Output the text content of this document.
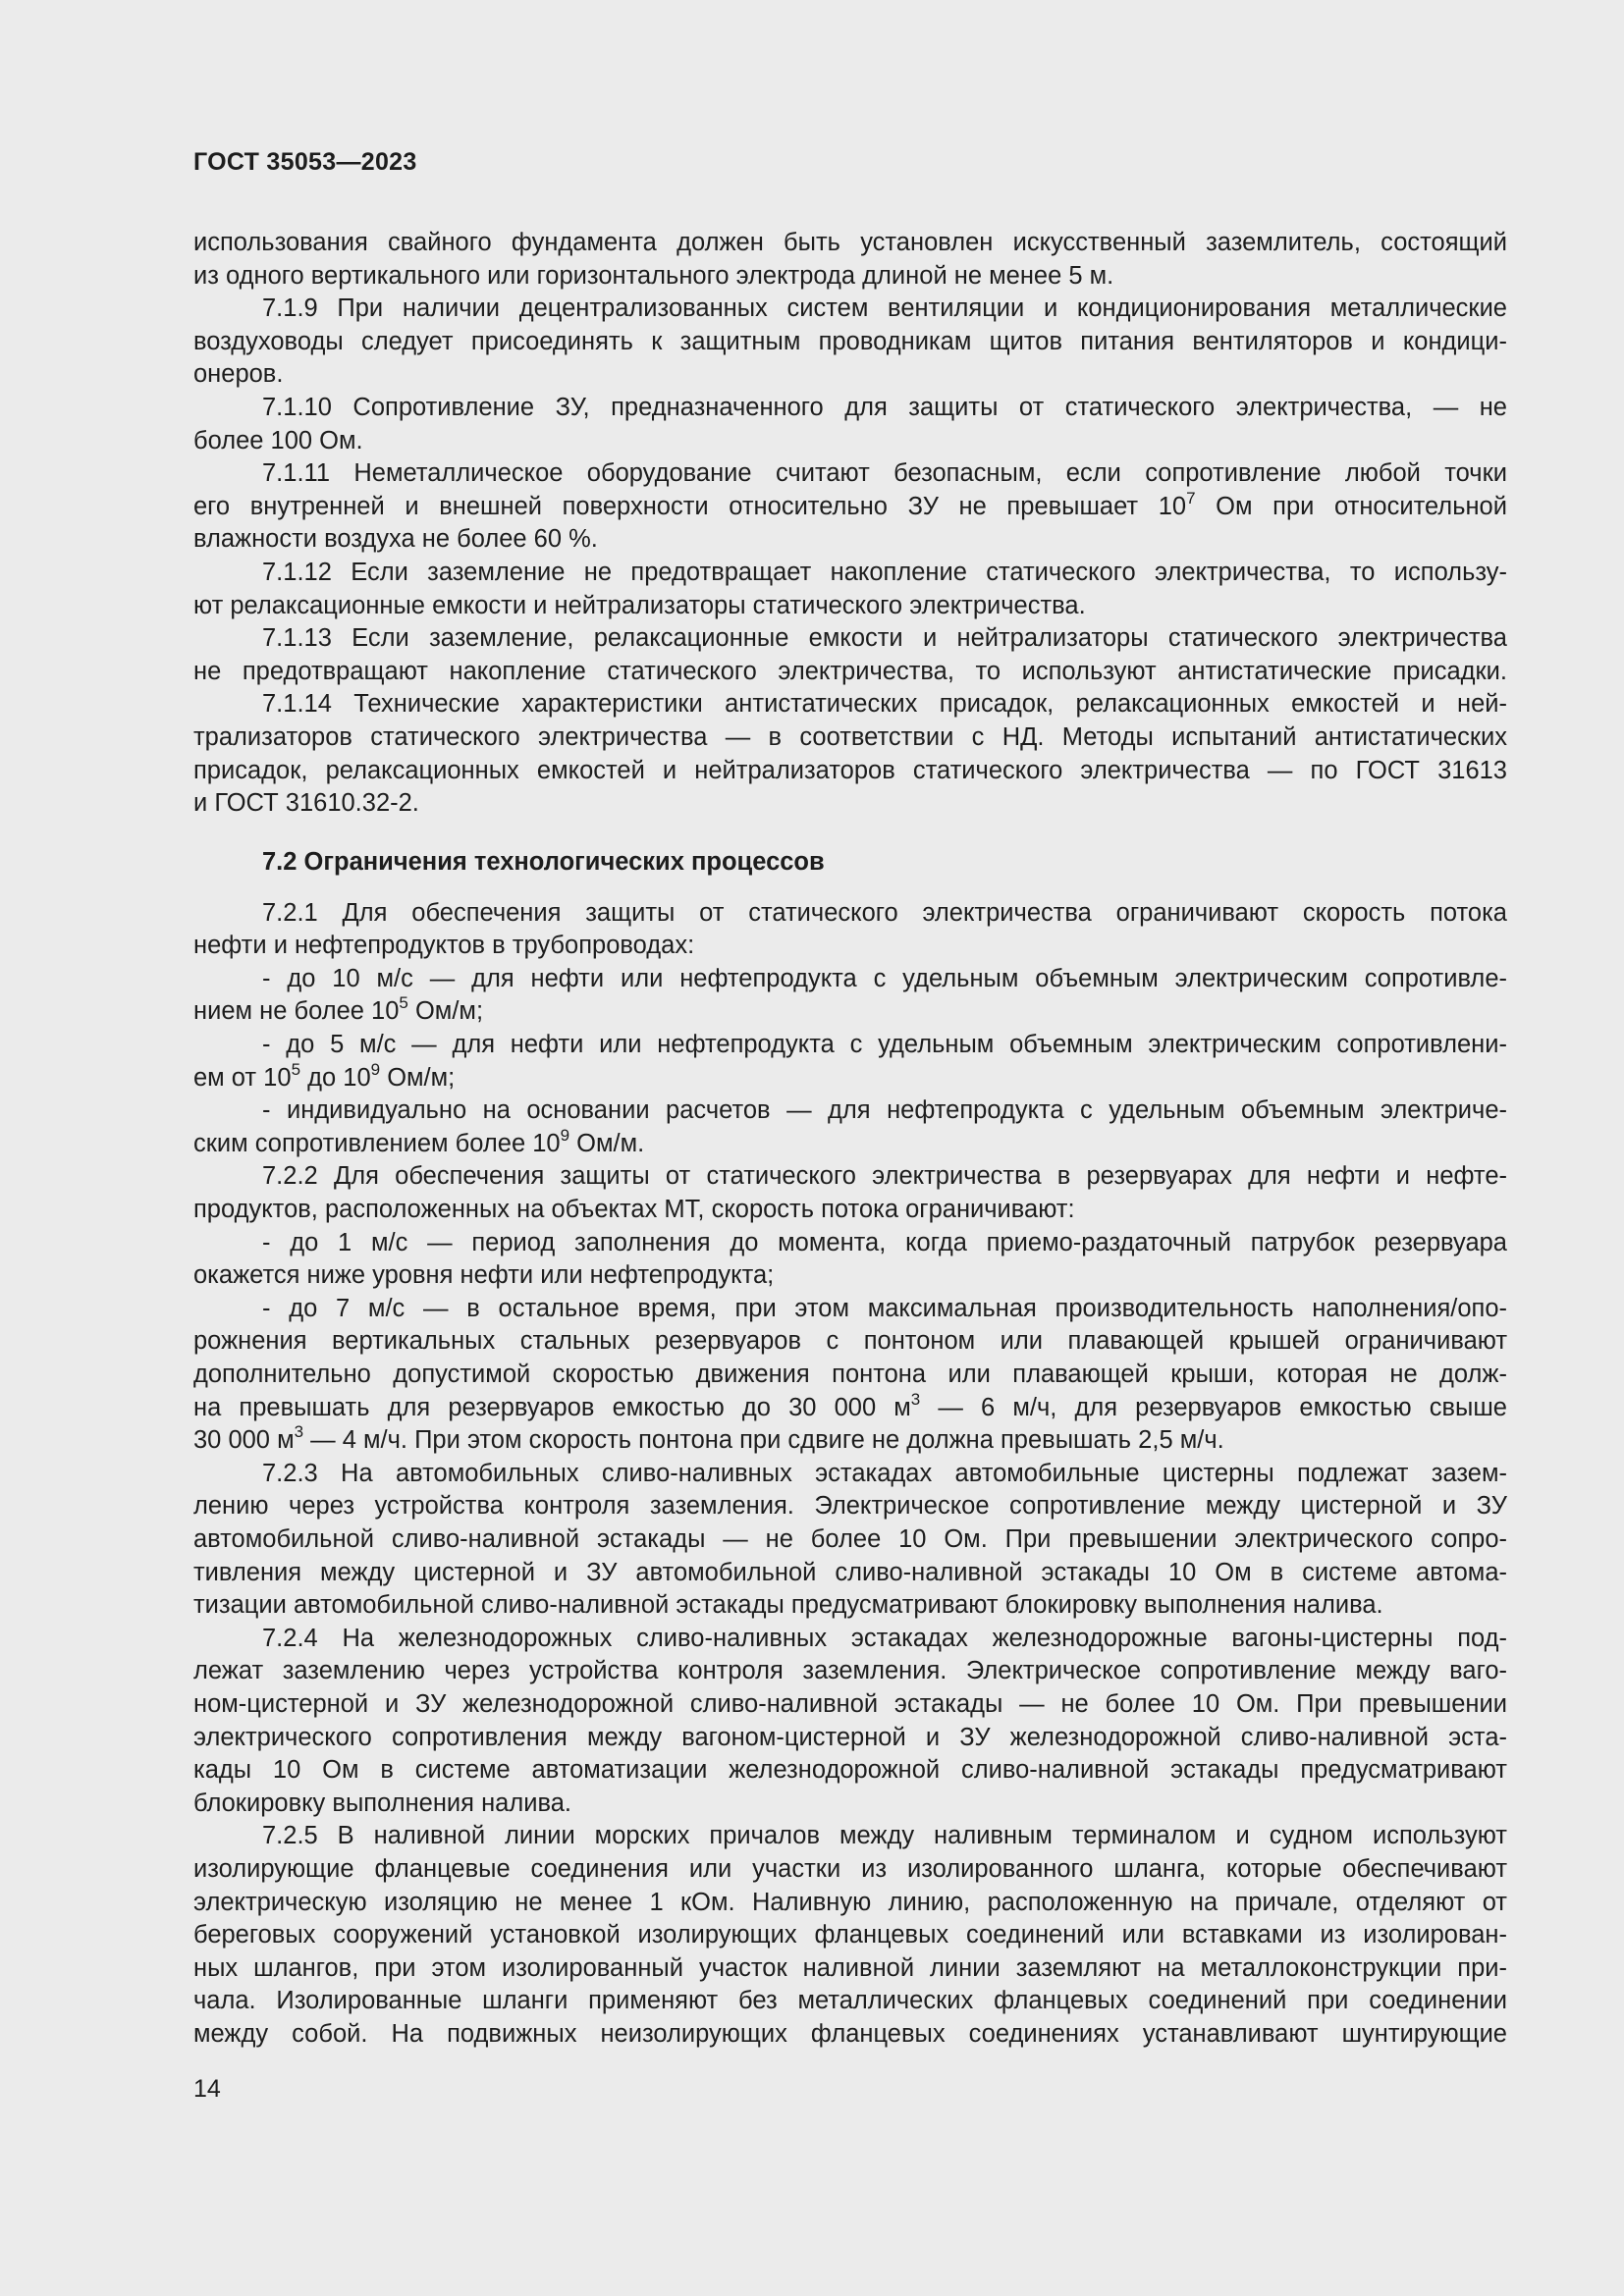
ГОСТ 35053—2023
использования свайного фундамента должен быть установлен искусственный заземлитель, состоящий
из одного вертикального или горизонтального электрода длиной не менее 5 м.
7.1.9 При наличии децентрализованных систем вентиляции и кондиционирования металлические
воздуховоды следует присоединять к защитным проводникам щитов питания вентиляторов и кондици-
онеров.
7.1.10 Сопротивление ЗУ, предназначенного для защиты от статического электричества, — не
более 100 Ом.
7.1.11 Неметаллическое оборудование считают безопасным, если сопротивление любой точки
его внутренней и внешней поверхности относительно ЗУ не превышает $10^7$ Ом при относительной
влажности воздуха не более 60 %.
7.1.12 Если заземление не предотвращает накопление статического электричества, то использу-
ют релаксационные емкости и нейтрализаторы статического электричества.
7.1.13 Если заземление, релаксационные емкости и нейтрализаторы статического электричества
не предотвращают накопление статического электричества, то используют антистатические присадки.
7.1.14 Технические характеристики антистатических присадок, релаксационных емкостей и ней-
трализаторов статического электричества — в соответствии с НД. Методы испытаний антистатических
присадок, релаксационных емкостей и нейтрализаторов статического электричества — по ГОСТ 31613
и ГОСТ 31610.32-2.
7.2 Ограничения технологических процессов
7.2.1 Для обеспечения защиты от статического электричества ограничивают скорость потока
нефти и нефтепродуктов в трубопроводах:
- до 10 м/с — для нефти или нефтепродукта с удельным объемным электрическим сопротивле-
нием не более $10^5$ Ом/м;
- до 5 м/с — для нефти или нефтепродукта с удельным объемным электрическим сопротивлени-
ем от $10^5$ до $10^9$ Ом/м;
- индивидуально на основании расчетов — для нефтепродукта с удельным объемным электриче-
ским сопротивлением более $10^9$ Ом/м.
7.2.2 Для обеспечения защиты от статического электричества в резервуарах для нефти и нефте-
продуктов, расположенных на объектах МТ, скорость потока ограничивают:
- до 1 м/с — период заполнения до момента, когда приемо-раздаточный патрубок резервуара
окажется ниже уровня нефти или нефтепродукта;
- до 7 м/с — в остальное время, при этом максимальная производительность наполнения/опо-
рожнения вертикальных стальных резервуаров с понтоном или плавающей крышей ограничивают
дополнительно допустимой скоростью движения понтона или плавающей крыши, которая не долж-
на превышать для резервуаров емкостью до 30 000 $м^3$ — 6 м/ч, для резервуаров емкостью свыше
30 000 $м^3$ — 4 м/ч. При этом скорость понтона при сдвиге не должна превышать 2,5 м/ч.
7.2.3 На автомобильных сливо-наливных эстакадах автомобильные цистерны подлежат зазем-
лению через устройства контроля заземления. Электрическое сопротивление между цистерной и ЗУ
автомобильной сливо-наливной эстакады — не более 10 Ом. При превышении электрического сопро-
тивления между цистерной и ЗУ автомобильной сливо-наливной эстакады 10 Ом в системе автома-
тизации автомобильной сливо-наливной эстакады предусматривают блокировку выполнения налива.
7.2.4 На железнодорожных сливо-наливных эстакадах железнодорожные вагоны-цистерны под-
лежат заземлению через устройства контроля заземления. Электрическое сопротивление между ваго-
ном-цистерной и ЗУ железнодорожной сливо-наливной эстакады — не более 10 Ом. При превышении
электрического сопротивления между вагоном-цистерной и ЗУ железнодорожной сливо-наливной эста-
кады 10 Ом в системе автоматизации железнодорожной сливо-наливной эстакады предусматривают
блокировку выполнения налива.
7.2.5 В наливной линии морских причалов между наливным терминалом и судном используют
изолирующие фланцевые соединения или участки из изолированного шланга, которые обеспечивают
электрическую изоляцию не менее 1 кОм. Наливную линию, расположенную на причале, отделяют от
береговых сооружений установкой изолирующих фланцевых соединений или вставками из изолирован-
ных шлангов, при этом изолированный участок наливной линии заземляют на металлоконструкции при-
чала. Изолированные шланги применяют без металлических фланцевых соединений при соединении
между собой. На подвижных неизолирующих фланцевых соединениях устанавливают шунтирующие
14
